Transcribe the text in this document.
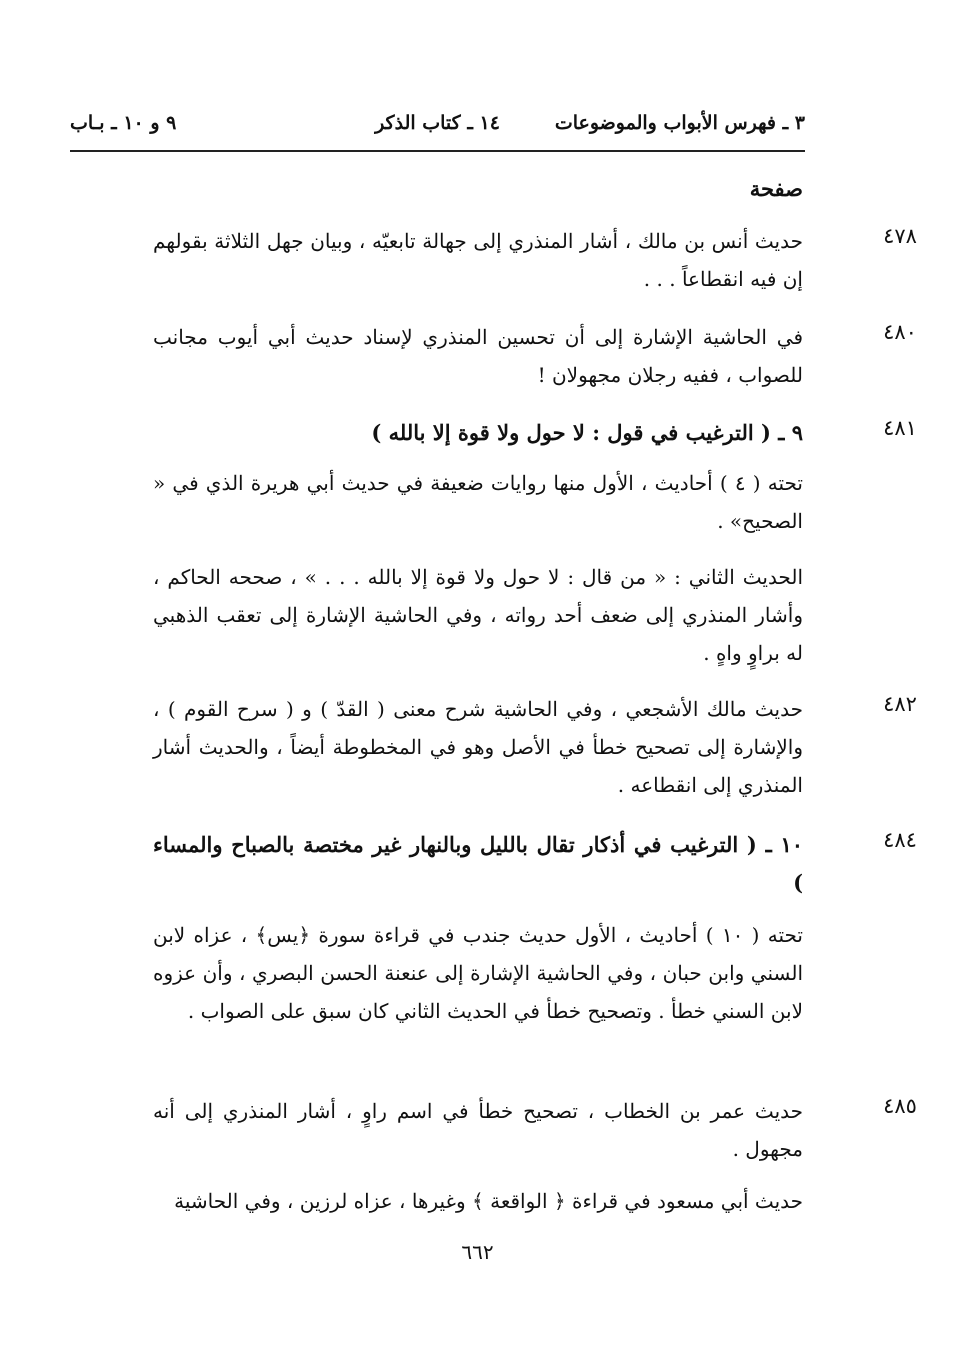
٣ ـ فهرس الأبواب والموضوعات
١٤ ـ كتاب الذكر
٩ و ١٠ ـ بـاب
صفحة
٤٧٨
حديث أنس بن مالك ، أشار المنذري إلى جهالة تابعيّه ، وبيان جهل الثلاثة بقولهم إن فيه انقطاعاً . . .
٤٨٠
في الحاشية الإشارة إلى أن تحسين المنذري لإسناد حديث أبي أيوب مجانب للصواب ، ففيه رجلان مجهولان !
٤٨١
٩ ـ ( الترغيب في قول : لا حول ولا قوة إلا بالله )
تحته ( ٤ ) أحاديث ، الأول منها روايات ضعيفة في حديث أبي هريرة الذي في « الصحيح» .
الحديث الثاني : « من قال : لا حول ولا قوة إلا بالله . . . » ، صححه الحاكم ، وأشار المنذري إلى ضعف أحد رواته ، وفي الحاشية الإشارة إلى تعقب الذهبي له براوٍ واهٍ .
٤٨٢
حديث مالك الأشجعي ، وفي الحاشية شرح معنى ( القدّ ) و ( سرح القوم ) ، والإشارة إلى تصحيح خطأ في الأصل وهو في المخطوطة أيضاً ، والحديث أشار المنذري إلى انقطاعه .
٤٨٤
١٠ ـ ( الترغيب في أذكار تقال بالليل وبالنهار غير مختصة بالصباح والمساء )
تحته ( ١٠ ) أحاديث ، الأول حديث جندب في قراءة سورة ﴿يس﴾ ، عزاه لابن السني وابن حبان ، وفي الحاشية الإشارة إلى عنعنة الحسن البصري ، وأن عزوه لابن السني خطأ . وتصحيح خطأ في الحديث الثاني كان سبق على الصواب .
٤٨٥
حديث عمر بن الخطاب ، تصحيح خطأ في اسم راوٍ ، أشار المنذري إلى أنه مجهول .
حديث أبي مسعود في قراءة ﴿ الواقعة ﴾ وغيرها ، عزاه لرزين ، وفي الحاشية
٦٦٢
